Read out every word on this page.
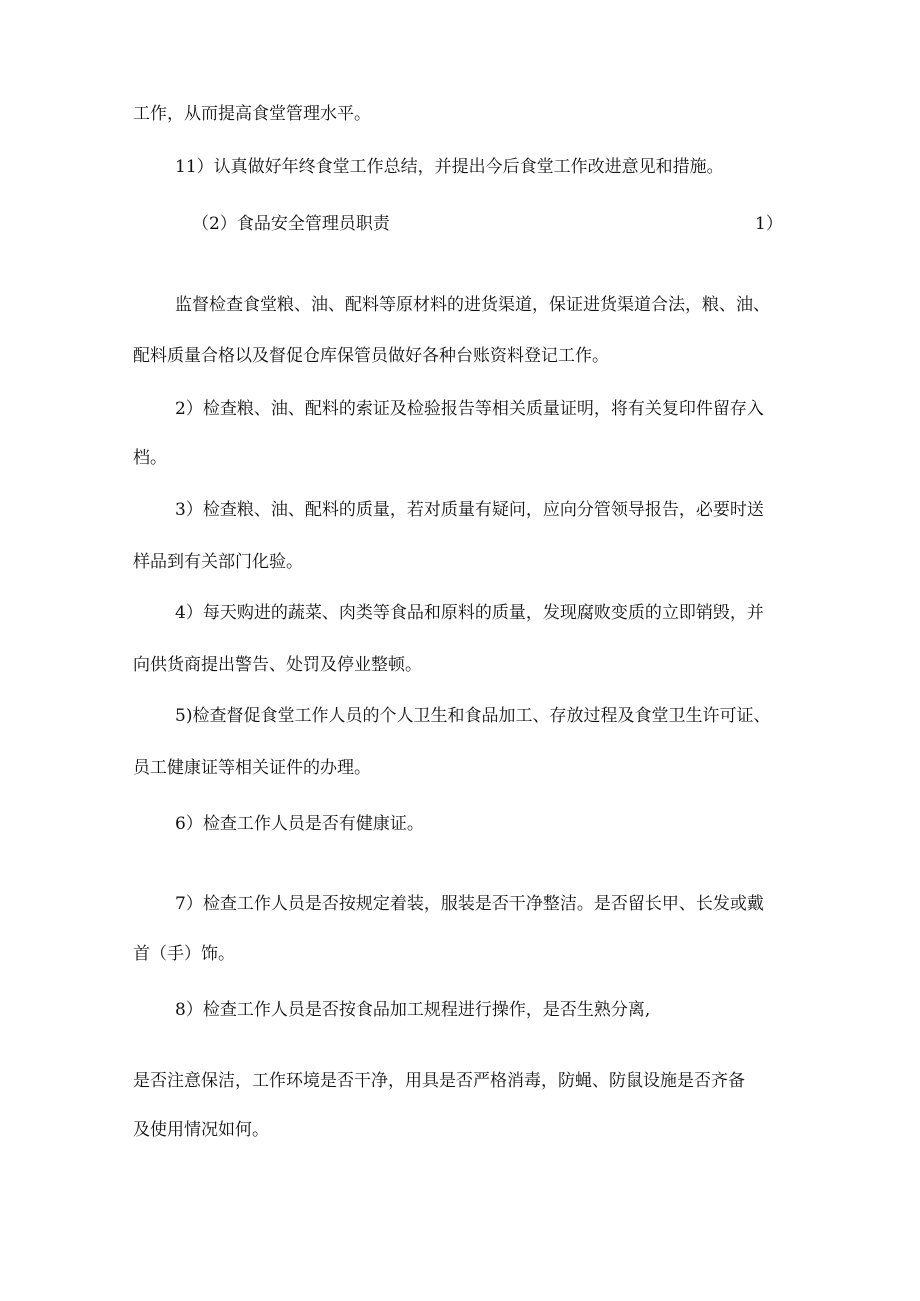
工作，从而提高食堂管理水平。
11）认真做好年终食堂工作总结，并提出今后食堂工作改进意见和措施。
（2）食品安全管理员职责	1）
监督检查食堂粮、油、配料等原材料的进货渠道，保证进货渠道合法，粮、油、
配料质量合格以及督促仓库保管员做好各种台账资料登记工作。
2）检查粮、油、配料的索证及检验报告等相关质量证明，将有关复印件留存入
档。
3）检查粮、油、配料的质量，若对质量有疑问，应向分管领导报告，必要时送
样品到有关部门化验。
4）每天购进的蔬菜、肉类等食品和原料的质量，发现腐败变质的立即销毁，并
向供货商提出警告、处罚及停业整顿。
5)检查督促食堂工作人员的个人卫生和食品加工、存放过程及食堂卫生许可证、
员工健康证等相关证件的办理。
6）检查工作人员是否有健康证。
7）检查工作人员是否按规定着装，服装是否干净整洁。是否留长甲、长发或戴
首（手）饰。
8）检查工作人员是否按食品加工规程进行操作，是否生熟分离,
是否注意保洁，工作环境是否干净，用具是否严格消毒，防蝇、防鼠设施是否齐备
及使用情况如何。
